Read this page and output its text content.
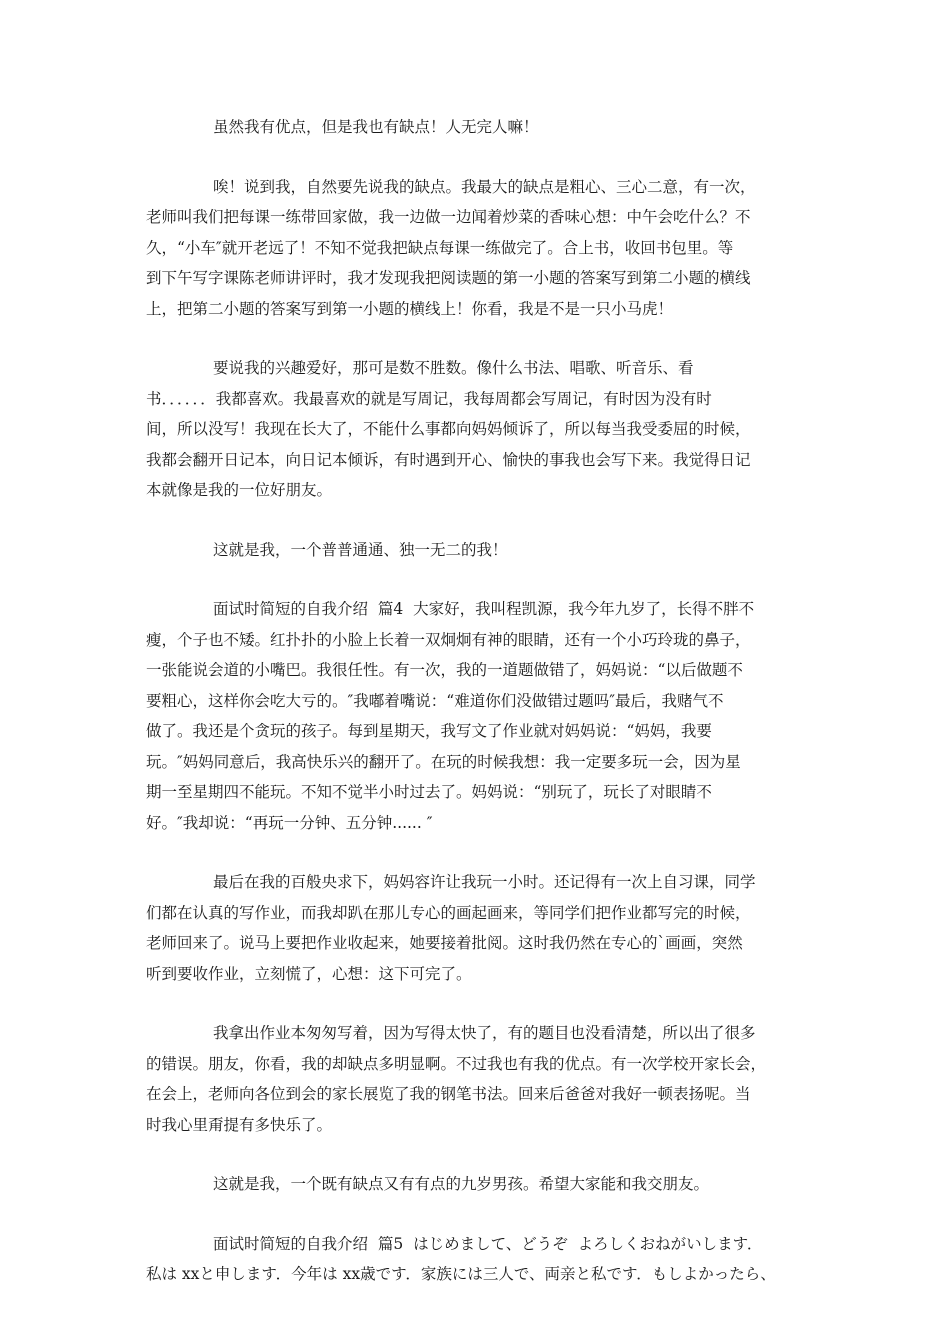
虽然我有优点，但是我也有缺点！人无完人嘛！
唉！说到我，自然要先说我的缺点。我最大的缺点是粗心、三心二意，有一次，
老师叫我们把每课一练带回家做，我一边做一边闻着炒菜的香味心想：中午会吃什么？不
久，“小车″就开老远了！不知不觉我把缺点每课一练做完了。合上书，收回书包里。等
到下午写字课陈老师讲评时，我才发现我把阅读题的第一小题的答案写到第二小题的横线
上，把第二小题的答案写到第一小题的横线上！你看，我是不是一只小马虎！
要说我的兴趣爱好，那可是数不胜数。像什么书法、唱歌、听音乐、看
书．．．．．．我都喜欢。我最喜欢的就是写周记，我每周都会写周记，有时因为没有时
间，所以没写！我现在长大了，不能什么事都向妈妈倾诉了，所以每当我受委屈的时候，
我都会翻开日记本，向日记本倾诉，有时遇到开心、愉快的事我也会写下来。我觉得日记
本就像是我的一位好朋友。
这就是我，一个普普通通、独一无二的我！
面试时简短的自我介绍  篇4  大家好，我叫程凯源，我今年九岁了，长得不胖不
瘦，个子也不矮。红扑扑的小脸上长着一双炯炯有神的眼睛，还有一个小巧玲珑的鼻子，
一张能说会道的小嘴巴。我很任性。有一次，我的一道题做错了，妈妈说：“以后做题不
要粗心，这样你会吃大亏的。″我嘟着嘴说：“难道你们没做错过题吗″最后，我赌气不
做了。我还是个贪玩的孩子。每到星期天，我写文了作业就对妈妈说：“妈妈，我要
玩。″妈妈同意后，我高快乐兴的翻开了。在玩的时候我想：我一定要多玩一会，因为星
期一至星期四不能玩。不知不觉半小时过去了。妈妈说：“别玩了，玩长了对眼睛不
好。″我却说：“再玩一分钟、五分钟...... ″
最后在我的百般央求下，妈妈容许让我玩一小时。还记得有一次上自习课，同学
们都在认真的写作业，而我却趴在那儿专心的画起画来，等同学们把作业都写完的时候，
老师回来了。说马上要把作业收起来，她要接着批阅。这时我仍然在专心的`画画，突然
听到要收作业，立刻慌了，心想：这下可完了。
我拿出作业本匆匆写着，因为写得太快了，有的题目也没看清楚，所以出了很多
的错误。朋友，你看，我的却缺点多明显啊。不过我也有我的优点。有一次学校开家长会，
在会上，老师向各位到会的家长展览了我的钢笔书法。回来后爸爸对我好一顿表扬呢。当
时我心里甭提有多快乐了。
这就是我，一个既有缺点又有有点的九岁男孩。希望大家能和我交朋友。
面试时简短的自我介绍  篇5  はじめまして、どうぞ  よろしくおねがいします．
私は xxと申します．今年は xx歳です．家族には三人で、両亲と私です．もしよかったら、
